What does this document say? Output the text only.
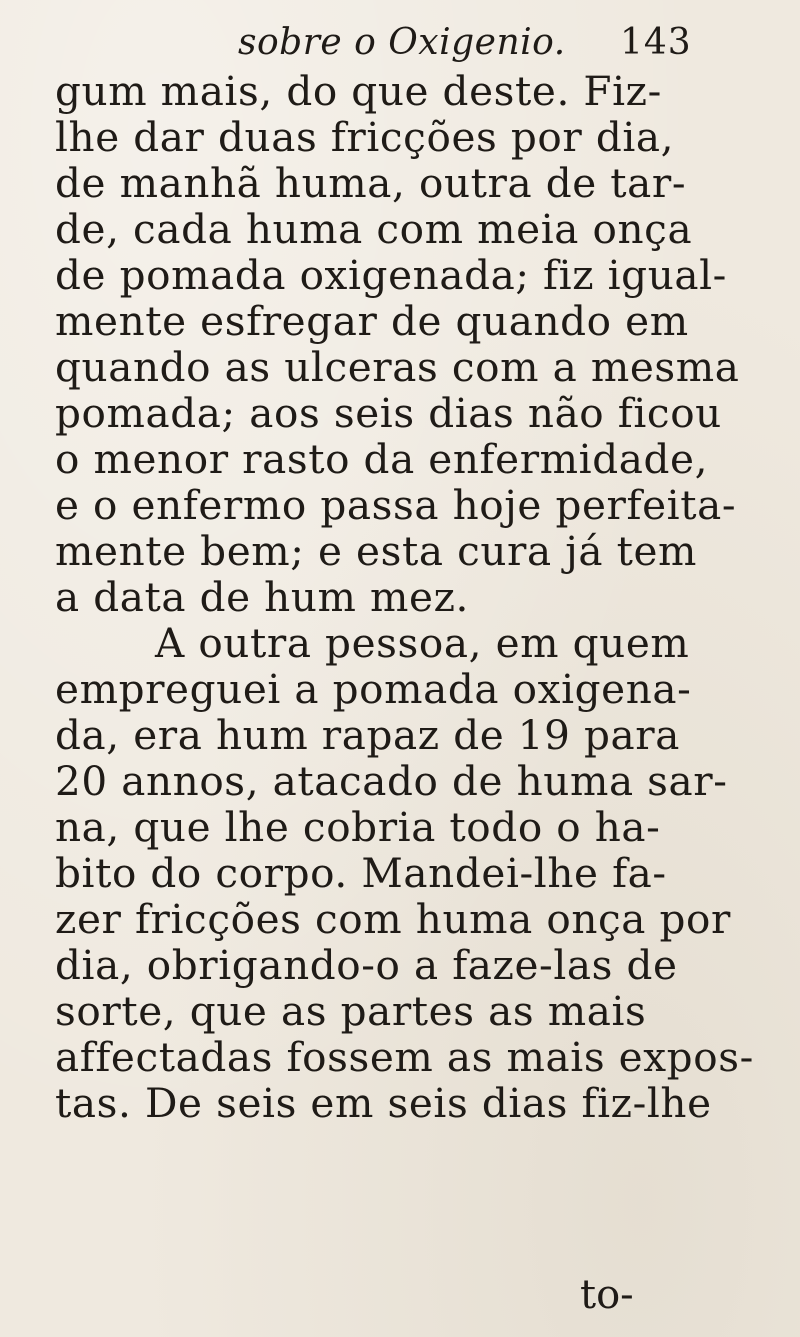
sobre o Oxigenio. 143
gum mais, do que deste. Fiz-
lhe dar duas fricções por dia,
de manhã huma, outra de tar-
de, cada huma com meia onça
de pomada oxigenada; fiz igual-
mente esfregar de quando em
quando as ulceras com a mesma
pomada; aos seis dias não ficou
o menor rasto da enfermidade,
e o enfermo passa hoje perfeita-
mente bem; e esta cura já tem
a data de hum mez.
A outra pessoa, em quem
empreguei a pomada oxigena-
da, era hum rapaz de 19 para
20 annos, atacado de huma sar-
na, que lhe cobria todo o ha-
bito do corpo. Mandei-lhe fa-
zer fricções com huma onça por
dia, obrigando-o a faze-las de
sorte, que as partes as mais
affectadas fossem as mais expos-
tas. De seis em seis dias fiz-lhe
to-
